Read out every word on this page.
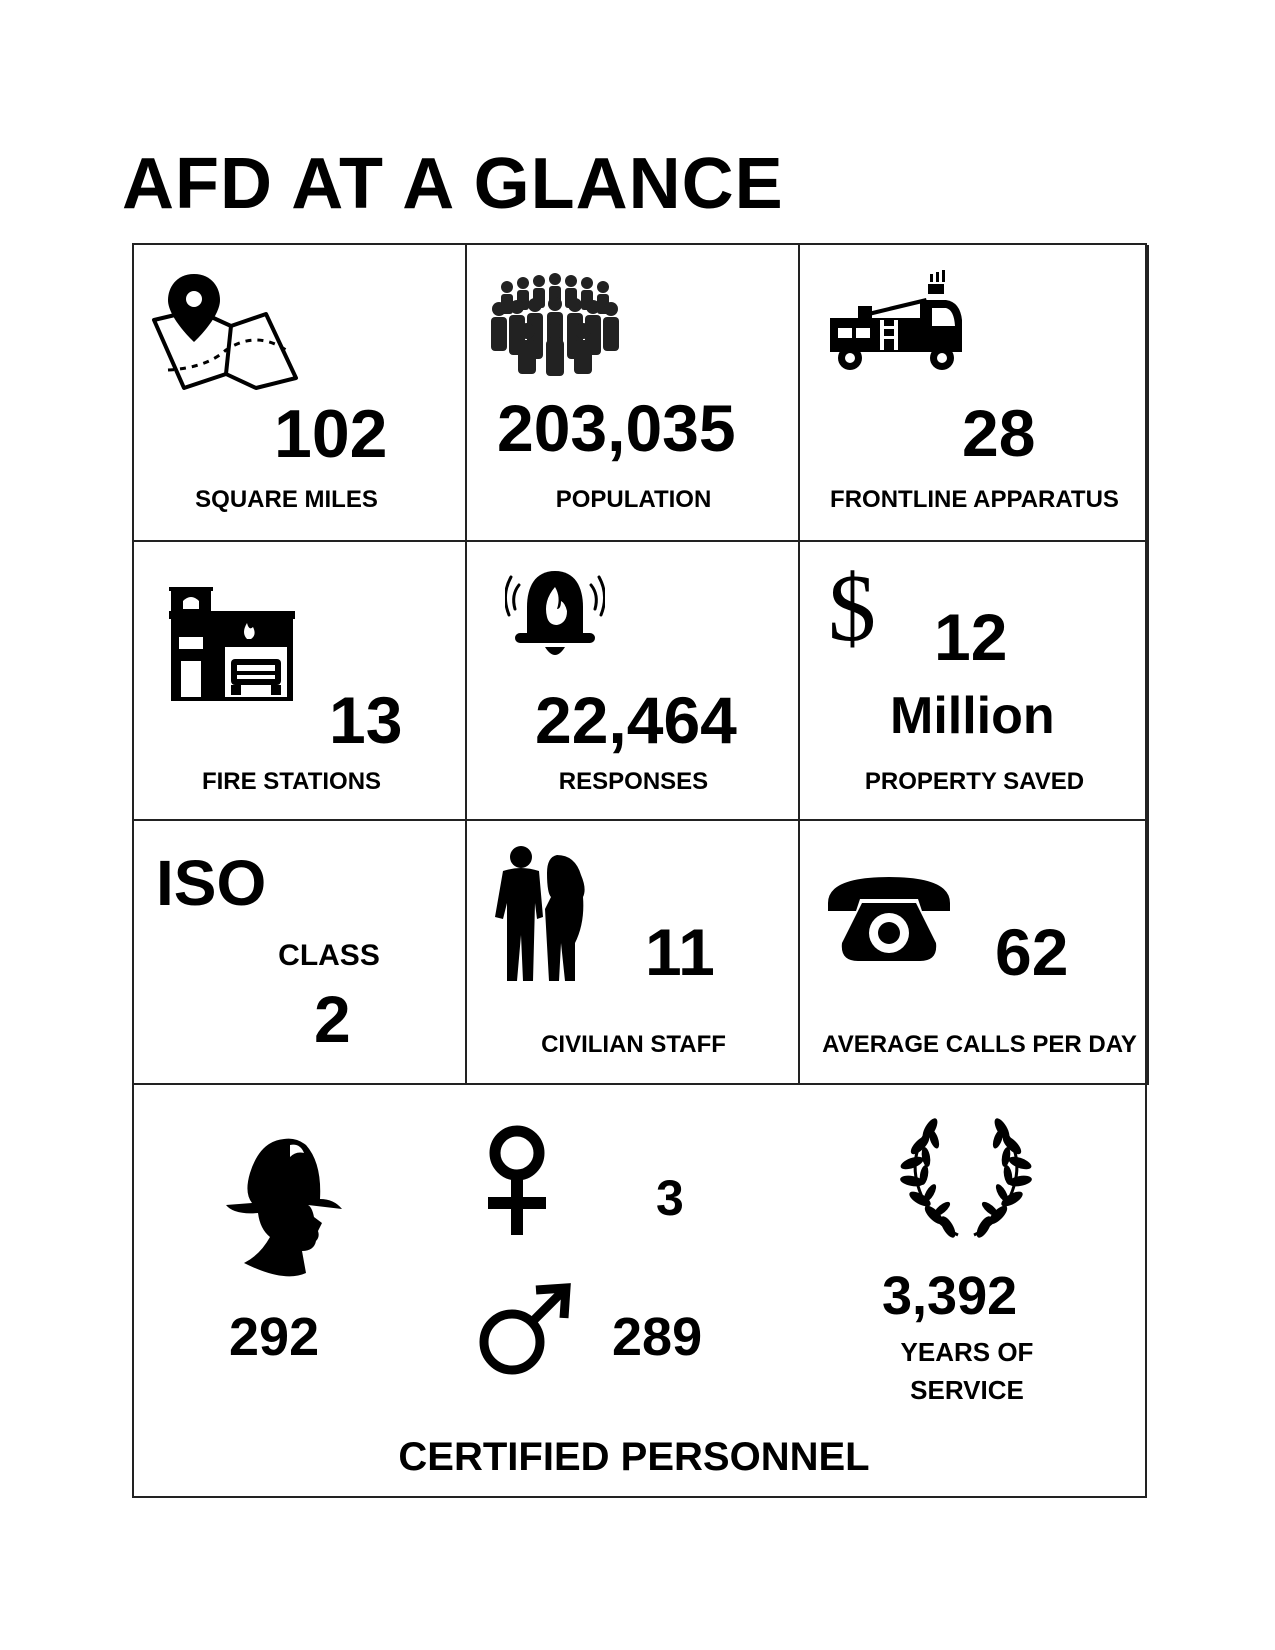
AFD AT A GLANCE
102
SQUARE MILES
203,035
POPULATION
28
FRONTLINE APPARATUS
13
FIRE STATIONS
22,464
RESPONSES
$ 12
Million
PROPERTY SAVED
ISO
CLASS
2
11
CIVILIAN STAFF
62
AVERAGE CALLS PER DAY
292
3
289
3,392
YEARS OF
SERVICE
CERTIFIED PERSONNEL
